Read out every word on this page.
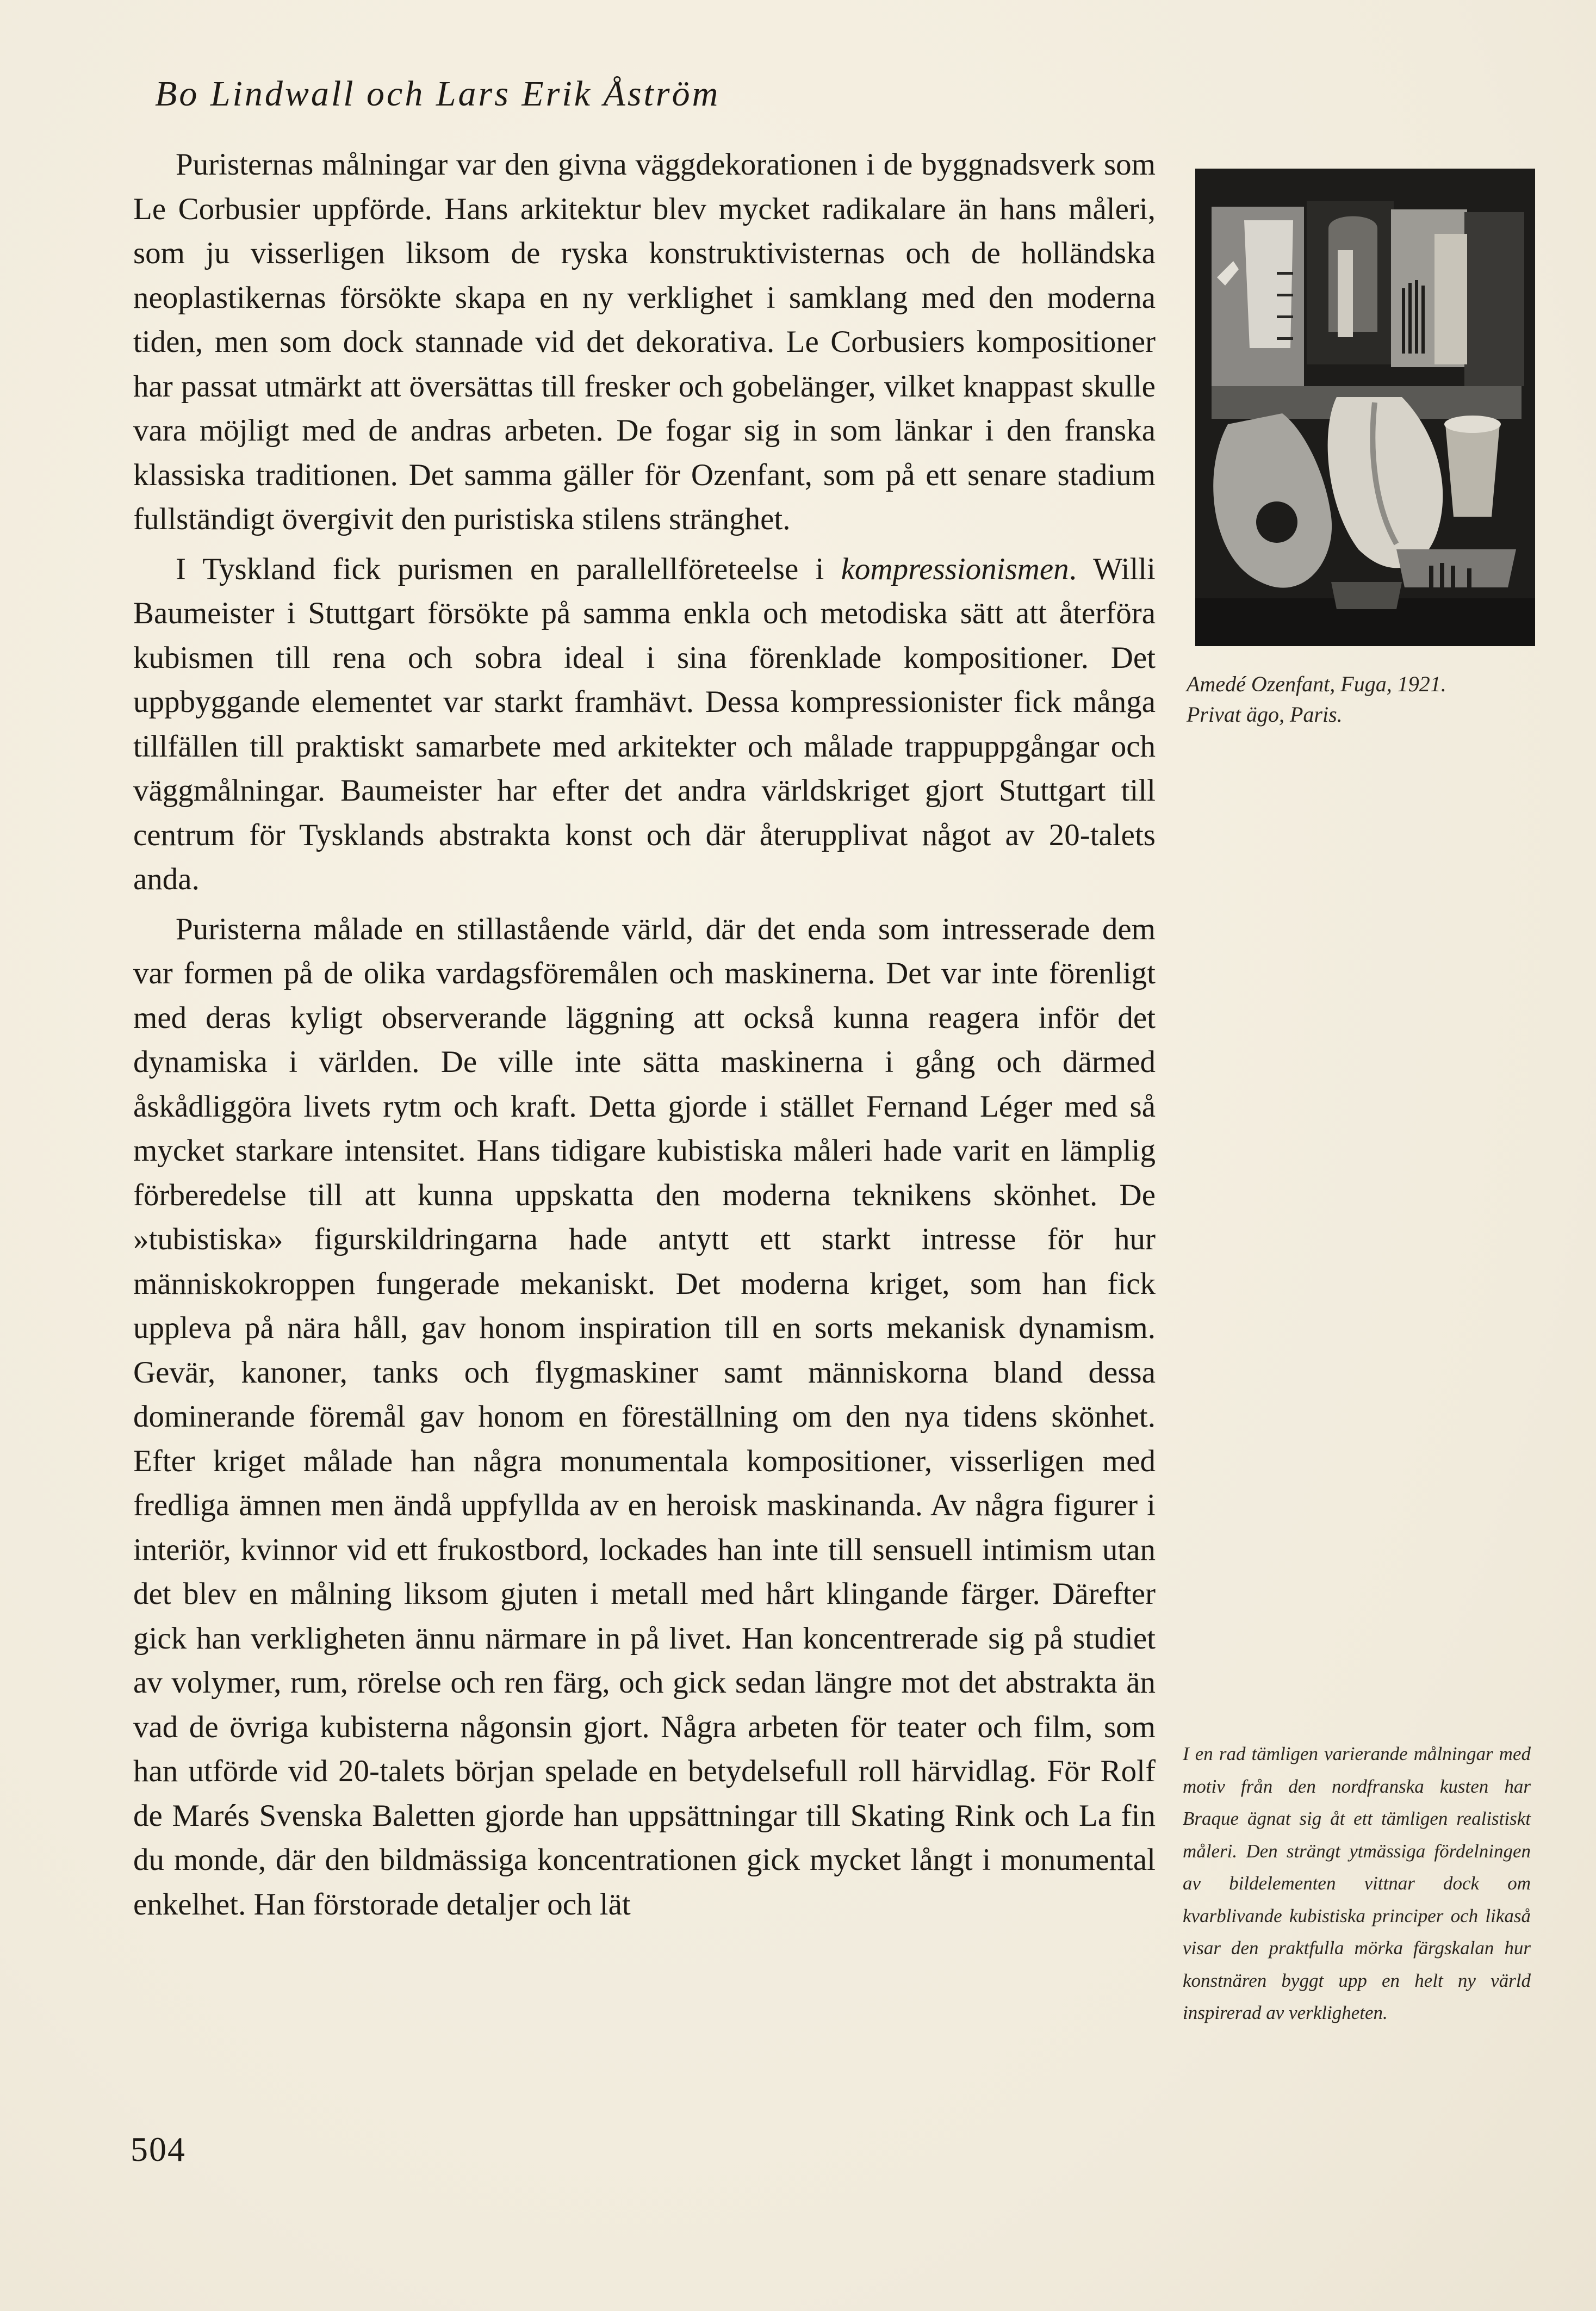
Bo Lindwall och Lars Erik Åström

Puristernas målningar var den givna väggdekorationen i de byggnadsverk som Le Corbusier uppförde. Hans arkitektur blev mycket radikalare än hans måleri, som ju visserligen liksom de ryska konstruktivisternas och de holländska neoplastikernas försökte skapa en ny verklighet i samklang med den moderna tiden, men som dock stannade vid det dekorativa. Le Corbusiers kompositioner har passat utmärkt att översättas till fresker och gobelänger, vilket knappast skulle vara möjligt med de andras arbeten. De fogar sig in som länkar i den franska klassiska traditionen. Det samma gäller för Ozenfant, som på ett senare stadium fullständigt övergivit den puristiska stilens stränghet.

I Tyskland fick purismen en parallellföreteelse i kompressionismen. Willi Baumeister i Stuttgart försökte på samma enkla och metodiska sätt att återföra kubismen till rena och sobra ideal i sina förenklade kompositioner. Det uppbyggande elementet var starkt framhävt. Dessa kompressionister fick många tillfällen till praktiskt samarbete med arkitekter och målade trappuppgångar och väggmålningar. Baumeister har efter det andra världskriget gjort Stuttgart till centrum för Tysklands abstrakta konst och där återupplivat något av 20-talets anda.

Puristerna målade en stillastående värld, där det enda som intresserade dem var formen på de olika vardagsföremålen och maskinerna. Det var inte förenligt med deras kyligt observerande läggning att också kunna reagera inför det dynamiska i världen. De ville inte sätta maskinerna i gång och därmed åskådliggöra livets rytm och kraft. Detta gjorde i stället Fernand Léger med så mycket starkare intensitet. Hans tidigare kubistiska måleri hade varit en lämplig förberedelse till att kunna uppskatta den moderna teknikens skönhet. De »tubistiska» figurskildringarna hade antytt ett starkt intresse för hur människokroppen fungerade mekaniskt. Det moderna kriget, som han fick uppleva på nära håll, gav honom inspiration till en sorts mekanisk dynamism. Gevär, kanoner, tanks och flygmaskiner samt människorna bland dessa dominerande föremål gav honom en föreställning om den nya tidens skönhet. Efter kriget målade han några monumentala kompositioner, visserligen med fredliga ämnen men ändå uppfyllda av en heroisk maskinanda. Av några figurer i interiör, kvinnor vid ett frukostbord, lockades han inte till sensuell intimism utan det blev en målning liksom gjuten i metall med hårt klingande färger. Därefter gick han verkligheten ännu närmare in på livet. Han koncentrerade sig på studiet av volymer, rum, rörelse och ren färg, och gick sedan längre mot det abstrakta än vad de övriga kubisterna någonsin gjort. Några arbeten för teater och film, som han utförde vid 20-talets början spelade en betydelsefull roll härvidlag. För Rolf de Marés Svenska Baletten gjorde han uppsättningar till Skating Rink och La fin du monde, där den bildmässiga koncentrationen gick mycket långt i monumental enkelhet. Han förstorade detaljer och lät

Amedé Ozenfant, Fuga, 1921.
Privat ägo, Paris.
I en rad tämligen varierande målningar med motiv från den nordfranska kusten har Braque ägnat sig åt ett tämligen realistiskt måleri. Den strängt ytmässiga fördelningen av bildelementen vittnar dock om kvarblivande kubistiska principer och likaså visar den praktfulla mörka färgskalan hur konstnären byggt upp en helt ny värld inspirerad av verkligheten.
504
